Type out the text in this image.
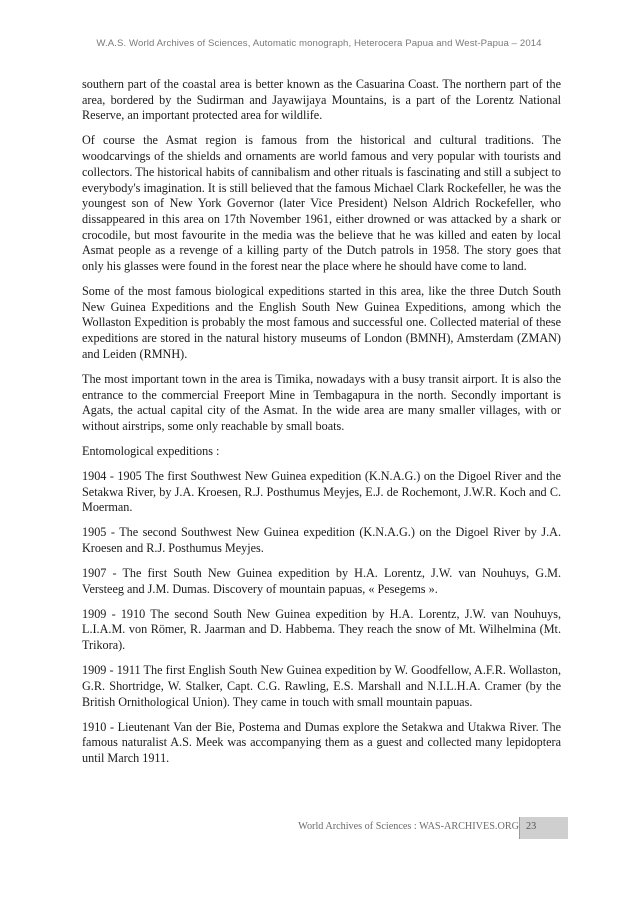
W.A.S. World Archives of Sciences, Automatic monograph, Heterocera Papua and West-Papua – 2014

southern part of the coastal area is better known as the Casuarina Coast. The northern part of the area, bordered by the Sudirman and Jayawijaya Mountains, is a part of the Lorentz National Reserve, an important protected area for wildlife.

Of course the Asmat region is famous from the historical and cultural traditions. The woodcarvings of the shields and ornaments are world famous and very popular with tourists and collectors. The historical habits of cannibalism and other rituals is fascinating and still a subject to everybody's imagination. It is still believed that the famous Michael Clark Rockefeller, he was the youngest son of New York Governor (later Vice President) Nelson Aldrich Rockefeller, who dissappeared in this area on 17th November 1961, either drowned or was attacked by a shark or crocodile, but most favourite in the media was the believe that he was killed and eaten by local Asmat people as a revenge of a killing party of the Dutch patrols in 1958. The story goes that only his glasses were found in the forest near the place where he should have come to land.

Some of the most famous biological expeditions started in this area, like the three Dutch South New Guinea Expeditions and the English South New Guinea Expeditions, among which the Wollaston Expedition is probably the most famous and successful one. Collected material of these expeditions are stored in the natural history museums of London (BMNH), Amsterdam (ZMAN) and Leiden (RMNH).

The most important town in the area is Timika, nowadays with a busy transit airport. It is also the entrance to the commercial Freeport Mine in Tembagapura in the north. Secondly important is Agats, the actual capital city of the Asmat. In the wide area are many smaller villages, with or without airstrips, some only reachable by small boats.

Entomological expeditions :

1904 - 1905 The first Southwest New Guinea expedition (K.N.A.G.) on the Digoel River and the Setakwa River, by J.A. Kroesen, R.J. Posthumus Meyjes, E.J. de Rochemont, J.W.R. Koch and C. Moerman.

1905 - The second Southwest New Guinea expedition (K.N.A.G.) on the Digoel River by J.A. Kroesen and R.J. Posthumus Meyjes.

1907 - The first South New Guinea expedition by H.A. Lorentz, J.W. van Nouhuys, G.M. Versteeg and J.M. Dumas. Discovery of mountain papuas, « Pesegems ».

1909 - 1910 The second South New Guinea expedition by H.A. Lorentz, J.W. van Nouhuys, L.I.A.M. von Römer, R. Jaarman and D. Habbema. They reach the snow of Mt. Wilhelmina (Mt. Trikora).

1909 - 1911 The first English South New Guinea expedition by W. Goodfellow, A.F.R. Wollaston, G.R. Shortridge, W. Stalker, Capt. C.G. Rawling, E.S. Marshall and N.I.L.H.A. Cramer (by the British Ornithological Union). They came in touch with small mountain papuas.

1910 - Lieutenant Van der Bie, Postema and Dumas explore the Setakwa and Utakwa River. The famous naturalist A.S. Meek was accompanying them as a guest and collected many lepidoptera until March 1911.

World Archives of Sciences : WAS-ARCHIVES.ORG 23
